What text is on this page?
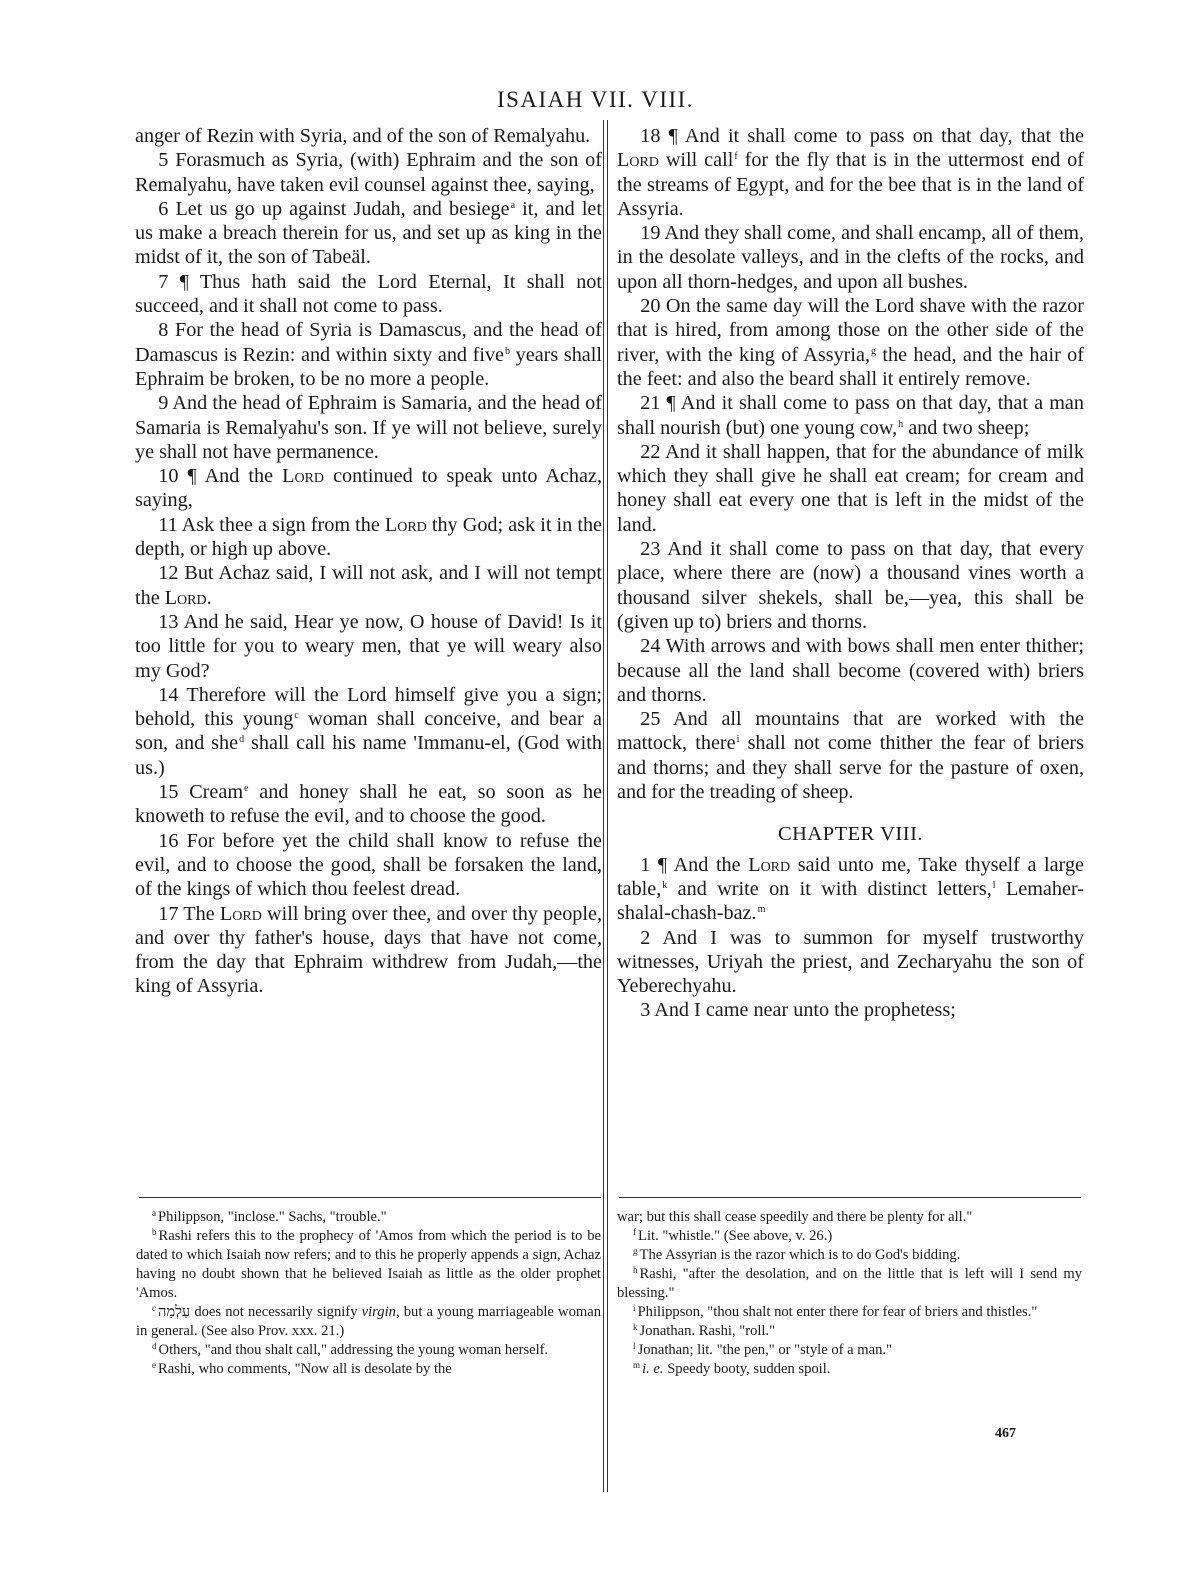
ISAIAH VII. VIII.

anger of Rezin with Syria, and of the son of Remalyahu.

5 Forasmuch as Syria, (with) Ephraim and the son of Remalyahu, have taken evil counsel against thee, saying,

6 Let us go up against Judah, and besiege$^a$ it, and let us make a breach therein for us, and set up as king in the midst of it, the son of Tabeäl.

7 ¶ Thus hath said the Lord Eternal, It shall not succeed, and it shall not come to pass.

8 For the head of Syria is Damascus, and the head of Damascus is Rezin: and within sixty and five$^b$ years shall Ephraim be broken, to be no more a people.

9 And the head of Ephraim is Samaria, and the head of Samaria is Remalyahu's son. If ye will not believe, surely ye shall not have permanence.

10 ¶ And the Lord continued to speak unto Achaz, saying,

11 Ask thee a sign from the Lord thy God; ask it in the depth, or high up above.

12 But Achaz said, I will not ask, and I will not tempt the Lord.

13 And he said, Hear ye now, O house of David! Is it too little for you to weary men, that ye will weary also my God?

14 Therefore will the Lord himself give you a sign; behold, this young$^c$ woman shall conceive, and bear a son, and she$^d$ shall call his name 'Immanu-el, (God with us.)

15 Cream$^e$ and honey shall he eat, so soon as he knoweth to refuse the evil, and to choose the good.

16 For before yet the child shall know to refuse the evil, and to choose the good, shall be forsaken the land, of the kings of which thou feelest dread.

17 The Lord will bring over thee, and over thy people, and over thy father's house, days that have not come, from the day that Ephraim withdrew from Judah,—the king of Assyria.

18 ¶ And it shall come to pass on that day, that the Lord will call$^f$ for the fly that is in the uttermost end of the streams of Egypt, and for the bee that is in the land of Assyria.

19 And they shall come, and shall encamp, all of them, in the desolate valleys, and in the clefts of the rocks, and upon all thorn-hedges, and upon all bushes.

20 On the same day will the Lord shave with the razor that is hired, from among those on the other side of the river, with the king of Assyria,$^g$ the head, and the hair of the feet: and also the beard shall it entirely remove.

21 ¶ And it shall come to pass on that day, that a man shall nourish (but) one young cow,$^h$ and two sheep;

22 And it shall happen, that for the abundance of milk which they shall give he shall eat cream; for cream and honey shall eat every one that is left in the midst of the land.

23 And it shall come to pass on that day, that every place, where there are (now) a thousand vines worth a thousand silver shekels, shall be,—yea, this shall be (given up to) briers and thorns.

24 With arrows and with bows shall men enter thither; because all the land shall become (covered with) briers and thorns.

25 And all mountains that are worked with the mattock, there$^i$ shall not come thither the fear of briers and thorns; and they shall serve for the pasture of oxen, and for the treading of sheep.

CHAPTER VIII.

1 ¶ And the Lord said unto me, Take thyself a large table,$^k$ and write on it with distinct letters,$^l$ Lemaher-shalal-chash-baz.$^m$

2 And I was to summon for myself trustworthy witnesses, Uriyah the priest, and Zecharyahu the son of Yeberechyahu.

3 And I came near unto the prophetess;

$^a$ Philippson, "inclose." Sachs, "trouble."

$^b$ Rashi refers this to the prophecy of 'Amos from which the period is to be dated to which Isaiah now refers; and to this he properly appends a sign, Achaz having no doubt shown that he believed Isaiah as little as the older prophet 'Amos.

$^c$ עַלְמָה does not necessarily signify virgin, but a young marriageable woman in general. (See also Prov. xxx. 21.)

$^d$ Others, "and thou shalt call," addressing the young woman herself.

$^e$ Rashi, who comments, "Now all is desolate by the

war; but this shall cease speedily and there be plenty for all."

$^f$ Lit. "whistle." (See above, v. 26.)

$^g$ The Assyrian is the razor which is to do God's bidding.

$^h$ Rashi, "after the desolation, and on the little that is left will I send my blessing."

$^i$ Philippson, "thou shalt not enter there for fear of briers and thistles."

$^k$ Jonathan. Rashi, "roll."

$^l$ Jonathan; lit. "the pen," or "style of a man."

$^m$ i. e. Speedy booty, sudden spoil.

467
